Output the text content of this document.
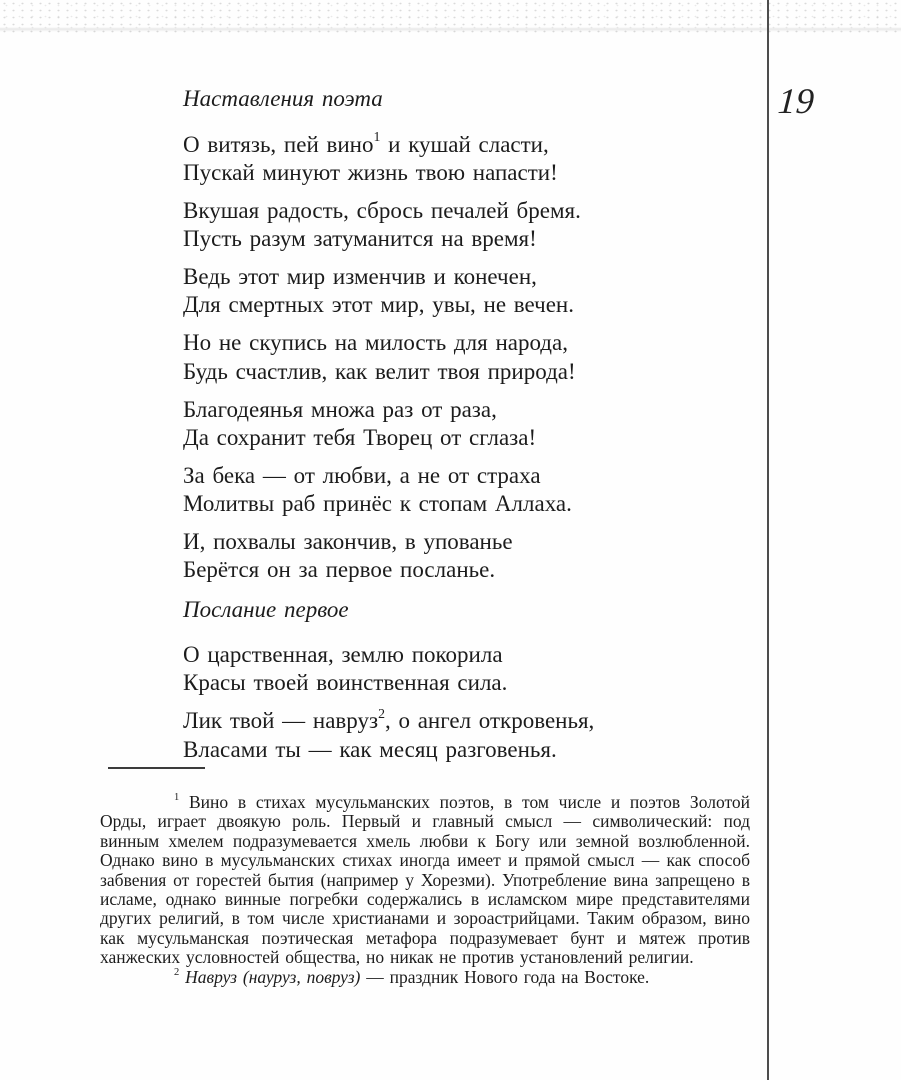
19
Наставления поэта
О витязь, пей вино$^1$ и кушай сласти,
Пускай минуют жизнь твою напасти!
Вкушая радость, сбрось печалей бремя.
Пусть разум затуманится на время!
Ведь этот мир изменчив и конечен,
Для смертных этот мир, увы, не вечен.
Но не скупись на милость для народа,
Будь счастлив, как велит твоя природа!
Благодеянья множа раз от раза,
Да сохранит тебя Творец от сглаза!
За бека — от любви, а не от страха
Молитвы раб принёс к стопам Аллаха.
И, похвалы закончив, в упованье
Берётся он за первое посланье.
Послание первое
О царственная, землю покорила
Красы твоей воинственная сила.
Лик твой — навруз$^2$, о ангел откровенья,
Власами ты — как месяц разговенья.

$^1$ Вино в стихах мусульманских поэтов, в том числе и поэтов Золотой Орды, играет двоякую роль. Первый и главный смысл — символический: под винным хмелем подразумевается хмель любви к Богу или земной возлюбленной. Однако вино в мусульманских стихах иногда имеет и прямой смысл — как способ забвения от горестей бытия (например у Хорезми). Употребление вина запрещено в исламе, однако винные погребки содержались в исламском мире представителями других религий, в том числе христианами и зороастрийцами. Таким образом, вино как мусульманская поэтическая метафора подразумевает бунт и мятеж против ханжеских условностей общества, но никак не против установлений религии.

$^2$ Навруз (науруз, повруз) — праздник Нового года на Востоке.
